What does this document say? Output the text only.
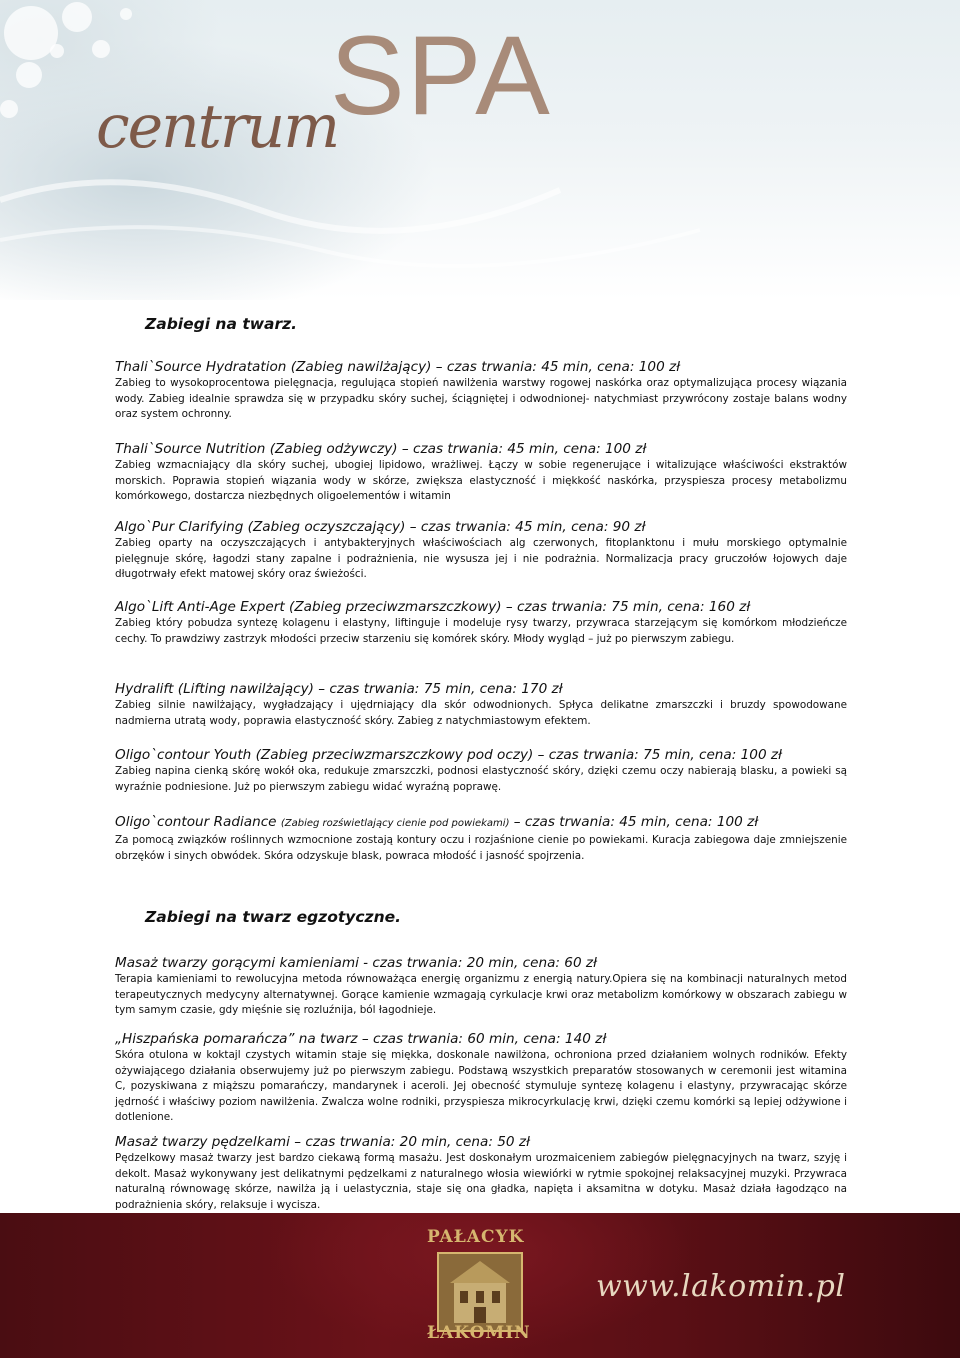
centrum
SPA
Zabiegi na twarz.
Thali`Source Hydratation (Zabieg nawilżający) – czas trwania: 45 min, cena: 100 zł
Zabieg to wysokoprocentowa pielęgnacja, regulująca stopień nawilżenia warstwy rogowej naskórka oraz optymalizująca procesy wiązania wody. Zabieg idealnie sprawdza się w przypadku skóry suchej, ściągniętej i odwodnionej- natychmiast przywrócony zostaje balans wodny oraz system ochronny.
Thali`Source Nutrition (Zabieg odżywczy) – czas trwania: 45 min, cena: 100 zł
Zabieg wzmacniający dla skóry suchej, ubogiej lipidowo, wrażliwej. Łączy w sobie regenerujące i witalizujące właściwości ekstraktów morskich. Poprawia stopień wiązania wody w skórze, zwiększa elastyczność i miękkość naskórka, przyspiesza procesy metabolizmu komórkowego, dostarcza niezbędnych oligoelementów i witamin
Algo`Pur Clarifying (Zabieg oczyszczający) – czas trwania: 45 min, cena: 90 zł
Zabieg oparty na oczyszczających i antybakteryjnych właściwościach alg czerwonych, fitoplanktonu i mułu morskiego optymalnie pielęgnuje skórę, łagodzi stany zapalne i podrażnienia, nie wysusza jej i nie podrażnia. Normalizacja pracy gruczołów łojowych daje długotrwały efekt matowej skóry oraz świeżości.
Algo`Lift Anti-Age Expert (Zabieg przeciwzmarszczkowy) – czas trwania: 75 min, cena: 160 zł
Zabieg który pobudza syntezę kolagenu i elastyny, liftinguje i modeluje rysy twarzy, przywraca starzejącym się komórkom młodzieńcze cechy. To prawdziwy zastrzyk młodości przeciw starzeniu się komórek skóry. Młody wygląd – już po pierwszym zabiegu.
Hydralift (Lifting nawilżający) – czas trwania: 75 min, cena: 170 zł
Zabieg silnie nawilżający, wygładzający i ujędrniający dla skór odwodnionych. Spłyca delikatne zmarszczki i bruzdy spowodowane nadmierna utratą wody, poprawia elastyczność skóry. Zabieg z natychmiastowym efektem.
Oligo`contour Youth (Zabieg przeciwzmarszczkowy pod oczy) – czas trwania: 75 min, cena: 100 zł
Zabieg napina cienką skórę wokół oka, redukuje zmarszczki, podnosi elastyczność skóry, dzięki czemu oczy nabierają blasku, a powieki są wyraźnie podniesione. Już po pierwszym zabiegu widać wyraźną poprawę.
Oligo`contour Radiance (Zabieg rozświetlający cienie pod powiekami) – czas trwania: 45 min, cena: 100 zł
Za pomocą związków roślinnych wzmocnione zostają kontury oczu i rozjaśnione cienie po powiekami. Kuracja zabiegowa daje zmniejszenie obrzęków i sinych obwódek. Skóra odzyskuje blask, powraca młodość i jasność spojrzenia.
Zabiegi na twarz egzotyczne.
Masaż twarzy gorącymi kamieniami - czas trwania: 20 min, cena: 60 zł
Terapia kamieniami to rewolucyjna metoda równoważąca energię organizmu z energią natury.Opiera się na kombinacji naturalnych metod terapeutycznych medycyny alternatywnej. Gorące kamienie wzmagają cyrkulacje krwi oraz metabolizm komórkowy w obszarach zabiegu w tym samym czasie, gdy mięśnie się rozluźnija, ból łagodnieje.
„Hiszpańska pomarańcza” na twarz – czas trwania: 60 min, cena: 140 zł
Skóra otulona w koktajl czystych witamin staje się miękka, doskonale nawilżona, ochroniona przed działaniem wolnych rodników. Efekty ożywiającego działania obserwujemy już po pierwszym zabiegu. Podstawą wszystkich preparatów stosowanych w ceremonii jest witamina C, pozyskiwana z miąższu pomarańczy, mandarynek i aceroli. Jej obecność stymuluje syntezę kolagenu i elastyny, przywracając skórze jędrność i właściwy poziom nawilżenia. Zwalcza wolne rodniki, przyspiesza mikrocyrkulację krwi, dzięki czemu komórki są lepiej odżywione i dotlenione.
Masaż twarzy pędzelkami – czas trwania: 20 min, cena: 50 zł
Pędzelkowy masaż twarzy jest bardzo ciekawą formą masażu. Jest doskonałym urozmaiceniem zabiegów pielęgnacyjnych na twarz, szyję i dekolt. Masaż wykonywany jest delikatnymi pędzelkami z naturalnego włosia wiewiórki w rytmie spokojnej relaksacyjnej muzyki. Przywraca naturalną równowagę skórze, nawilża ją i uelastycznia, staje się ona gładka, napięta i aksamitna w dotyku. Masaż działa łagodząco na podrażnienia skóry, relaksuje i wycisza.
PAŁACYK
ŁAKOMIN
www.lakomin.pl
